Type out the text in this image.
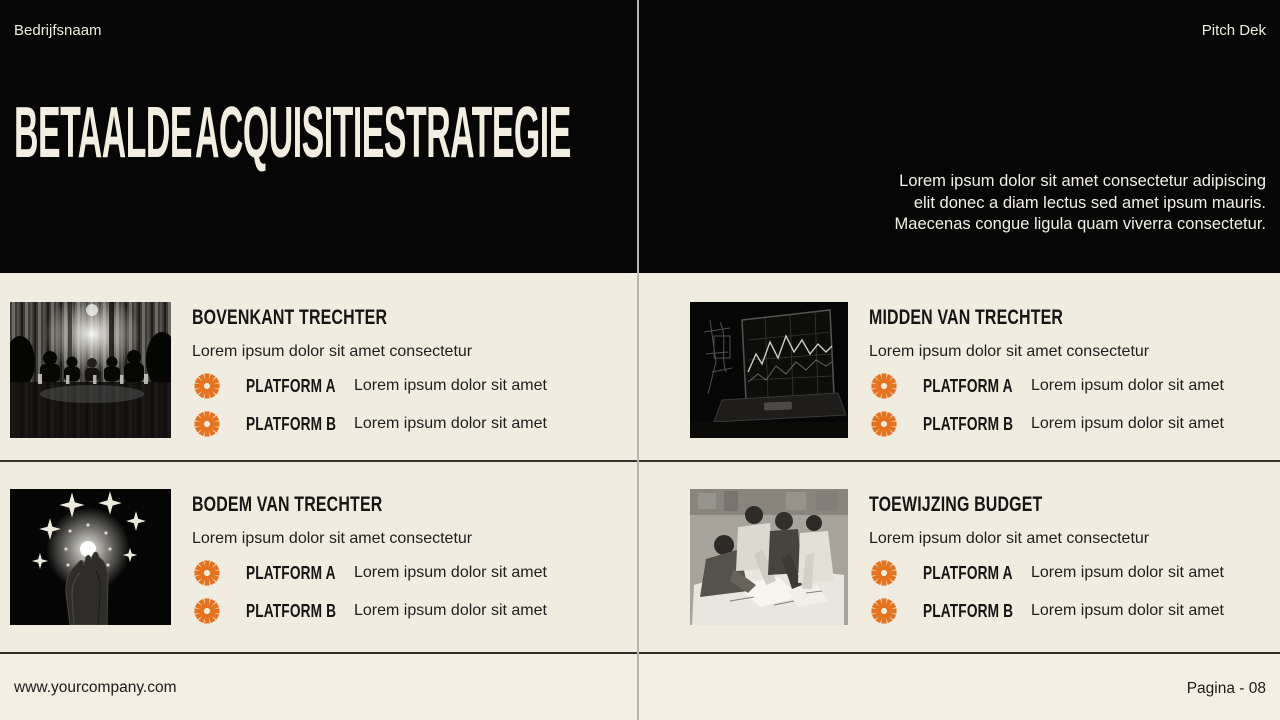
Bedrijfsnaam	Pitch Dek
BETAALDE ACQUISITIESTRATEGIE
Lorem ipsum dolor sit amet consectetur adipiscing
elit donec a diam lectus sed amet ipsum mauris.
Maecenas congue ligula quam viverra consectetur.
BOVENKANT TRECHTER
Lorem ipsum dolor sit amet consectetur
PLATFORM A	Lorem ipsum dolor sit amet
PLATFORM B	Lorem ipsum dolor sit amet
MIDDEN VAN TRECHTER
Lorem ipsum dolor sit amet consectetur
PLATFORM A	Lorem ipsum dolor sit amet
PLATFORM B	Lorem ipsum dolor sit amet
BODEM VAN TRECHTER
Lorem ipsum dolor sit amet consectetur
PLATFORM A	Lorem ipsum dolor sit amet
PLATFORM B	Lorem ipsum dolor sit amet
TOEWIJZING BUDGET
Lorem ipsum dolor sit amet consectetur
PLATFORM A	Lorem ipsum dolor sit amet
PLATFORM B	Lorem ipsum dolor sit amet
www.yourcompany.com	Pagina - 08
